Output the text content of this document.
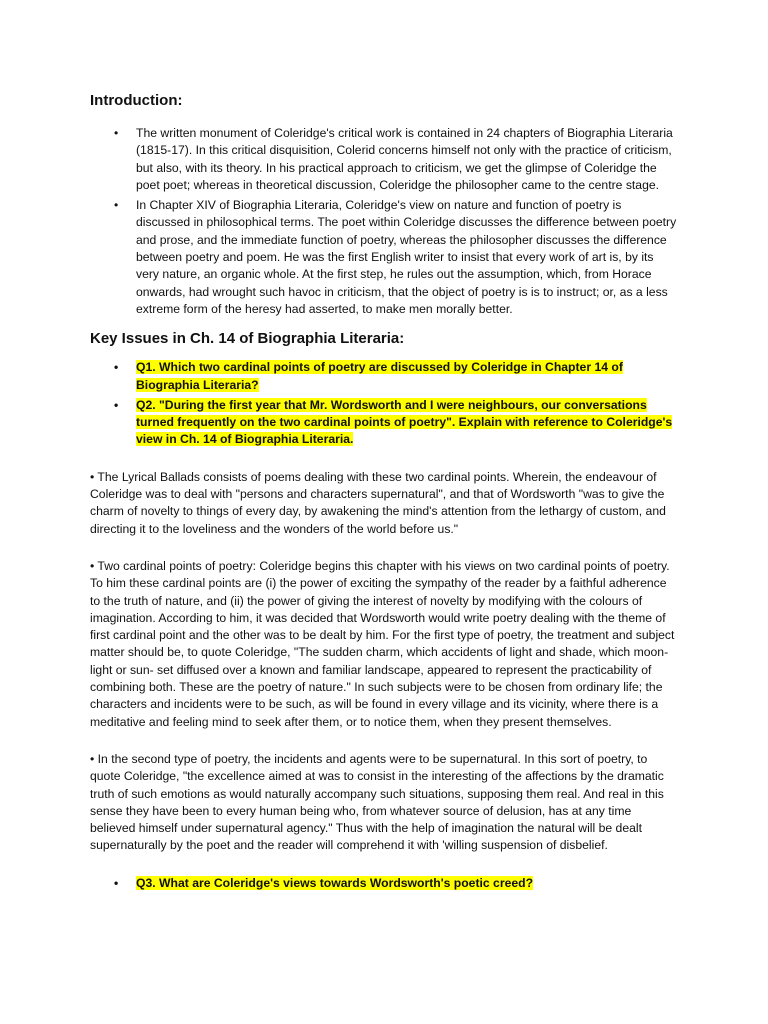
Introduction:
• The written monument of Coleridge's critical work is contained in 24 chapters of Biographia Literaria (1815-17). In this critical disquisition, Colerid concerns himself not only with the practice of criticism, but also, with its theory. In his practical approach to criticism, we get the glimpse of Coleridge the poet poet; whereas in theoretical discussion, Coleridge the philosopher came to the centre stage.
• In Chapter XIV of Biographia Literaria, Coleridge's view on nature and function of poetry is discussed in philosophical terms. The poet within Coleridge discusses the difference between poetry and prose, and the immediate function of poetry, whereas the philosopher discusses the difference between poetry and poem. He was the first English writer to insist that every work of art is, by its very nature, an organic whole. At the first step, he rules out the assumption, which, from Horace onwards, had wrought such havoc in criticism, that the object of poetry is is to instruct; or, as a less extreme form of the heresy had asserted, to make men morally better.
Key Issues in Ch. 14 of Biographia Literaria:
• Q1. Which two cardinal points of poetry are discussed by Coleridge in Chapter 14 of Biographia Literaria?
• Q2. "During the first year that Mr. Wordsworth and I were neighbours, our conversations turned frequently on the two cardinal points of poetry". Explain with reference to Coleridge's view in Ch. 14 of Biographia Literaria.

• The Lyrical Ballads consists of poems dealing with these two cardinal points. Wherein, the endeavour of Coleridge was to deal with "persons and characters supernatural", and that of Wordsworth "was to give the charm of novelty to things of every day, by awakening the mind's attention from the lethargy of custom, and directing it to the loveliness and the wonders of the world before us."

• Two cardinal points of poetry: Coleridge begins this chapter with his views on two cardinal points of poetry. To him these cardinal points are (i) the power of exciting the sympathy of the reader by a faithful adherence to the truth of nature, and (ii) the power of giving the interest of novelty by modifying with the colours of imagination. According to him, it was decided that Wordsworth would write poetry dealing with the theme of first cardinal point and the other was to be dealt by him. For the first type of poetry, the treatment and subject matter should be, to quote Coleridge, "The sudden charm, which accidents of light and shade, which moon-light or sun- set diffused over a known and familiar landscape, appeared to represent the practicability of combining both. These are the poetry of nature." In such subjects were to be chosen from ordinary life; the characters and incidents were to be such, as will be found in every village and its vicinity, where there is a meditative and feeling mind to seek after them, or to notice them, when they present themselves.

• In the second type of poetry, the incidents and agents were to be supernatural. In this sort of poetry, to quote Coleridge, "the excellence aimed at was to consist in the interesting of the affections by the dramatic truth of such emotions as would naturally accompany such situations, supposing them real. And real in this sense they have been to every human being who, from whatever source of delusion, has at any time believed himself under supernatural agency." Thus with the help of imagination the natural will be dealt supernaturally by the poet and the reader will comprehend it with 'willing suspension of disbelief.

• Q3. What are Coleridge's views towards Wordsworth's poetic creed?
